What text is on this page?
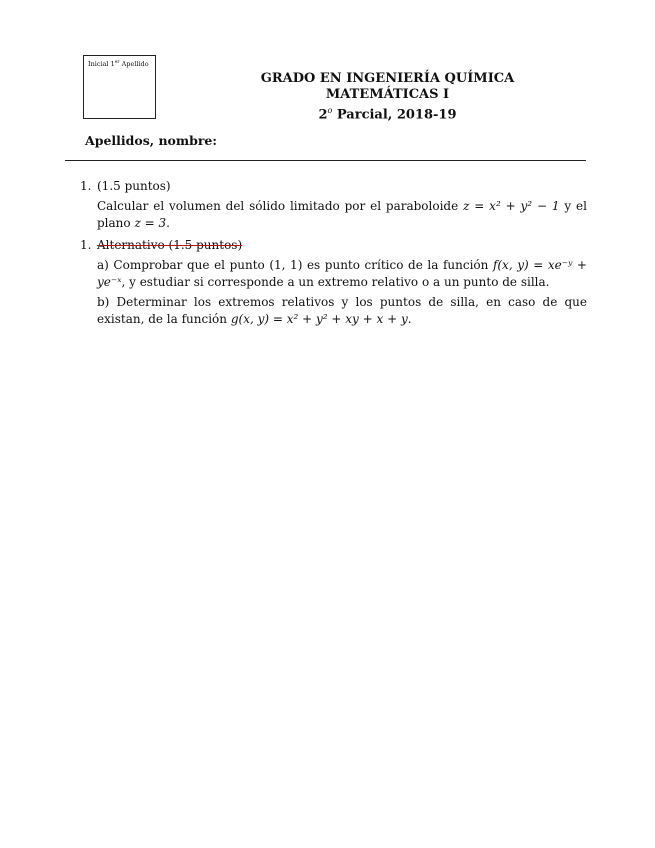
Inicial 1er Apellido
GRADO EN INGENIERÍA QUÍMICA
MATEMÁTICAS I
2$^o$ Parcial, 2018-19
Apellidos, nombre:
1. (1.5 puntos)

Calcular el volumen del sólido limitado por el paraboloide z = x² + y² − 1 y el plano z = 3.

1. Alternativo (1.5 puntos)

a) Comprobar que el punto (1, 1) es punto crítico de la función f(x, y) = xe⁻ʸ + ye⁻ˣ, y estudiar si corresponde a un extremo relativo o a un punto de silla.

b) Determinar los extremos relativos y los puntos de silla, en caso de que existan, de la función g(x, y) = x² + y² + xy + x + y.
